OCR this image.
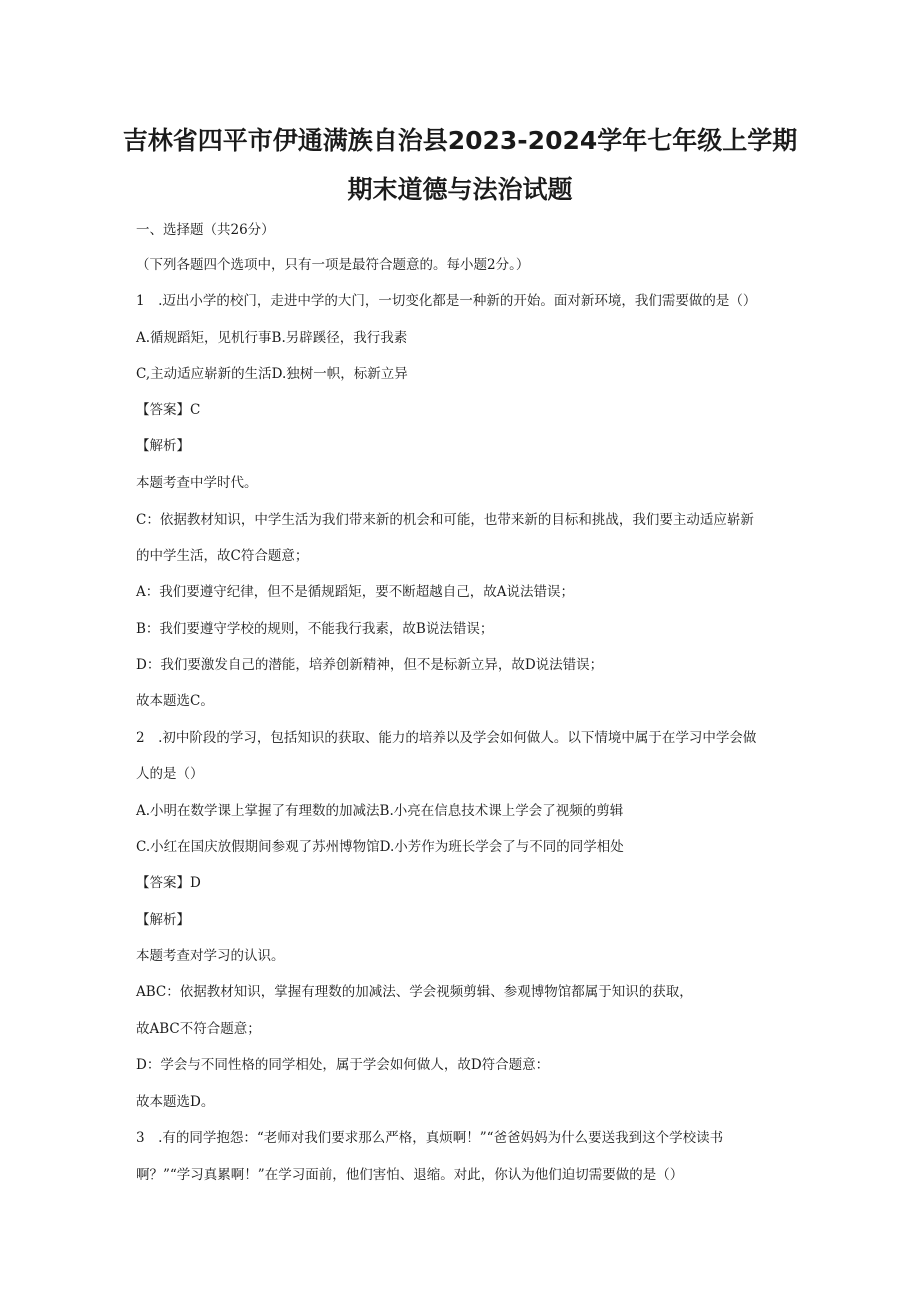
吉林省四平市伊通满族自治县2023-2024学年七年级上学期
期末道德与法治试题
一、选择题（共26分）
（下列各题四个选项中，只有一项是最符合题意的。每小题2分。）
1　.迈出小学的校门，走进中学的大门，一切变化都是一种新的开始。面对新环境，我们需要做的是（）
A.循规蹈矩，见机行事B.另辟蹊径，我行我素
C,主动适应崭新的生活D.独树一帜，标新立异
【答案】C
【解析】
本题考查中学时代。
C：依据教材知识，中学生活为我们带来新的机会和可能，也带来新的目标和挑战，我们要主动适应崭新
的中学生活，故C符合题意；
A：我们要遵守纪律，但不是循规蹈矩，要不断超越自己，故A说法错误；
B：我们要遵守学校的规则，不能我行我素，故B说法错误；
D：我们要激发自己的潜能，培养创新精神，但不是标新立异，故D说法错误；
故本题选C。
2　.初中阶段的学习，包括知识的获取、能力的培养以及学会如何做人。以下情境中属于在学习中学会做
人的是（）
A.小明在数学课上掌握了有理数的加减法B.小亮在信息技术课上学会了视频的剪辑
C.小红在国庆放假期间参观了苏州博物馆D.小芳作为班长学会了与不同的同学相处
【答案】D
【解析】
本题考查对学习的认识。
ABC：依据教材知识，掌握有理数的加减法、学会视频剪辑、参观博物馆都属于知识的获取，
故ABC不符合题意；
D：学会与不同性格的同学相处，属于学会如何做人，故D符合题意：
故本题选D。
3　.有的同学抱怨：“老师对我们要求那么严格，真烦啊！”“爸爸妈妈为什么要送我到这个学校读书
啊？”“学习真累啊！”在学习面前，他们害怕、退缩。对此，你认为他们迫切需要做的是（）
